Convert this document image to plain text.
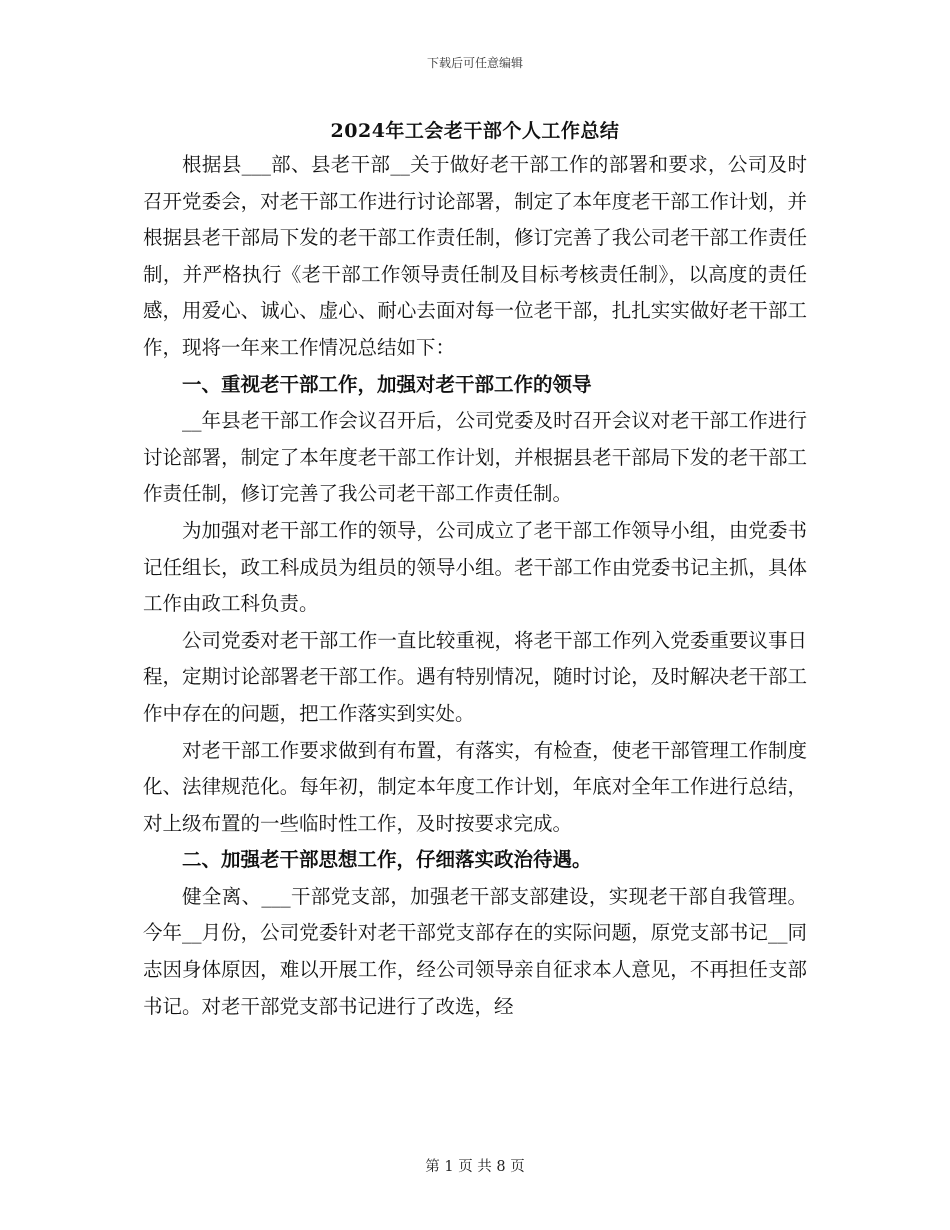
下载后可任意编辑
2024年工会老干部个人工作总结

根据县___部、县老干部__关于做好老干部工作的部署和要求，公司及时召开党委会，对老干部工作进行讨论部署，制定了本年度老干部工作计划，并根据县老干部局下发的老干部工作责任制，修订完善了我公司老干部工作责任制，并严格执行《老干部工作领导责任制及目标考核责任制》，以高度的责任感，用爱心、诚心、虚心、耐心去面对每一位老干部，扎扎实实做好老干部工作，现将一年来工作情况总结如下：

一、重视老干部工作，加强对老干部工作的领导

__年县老干部工作会议召开后，公司党委及时召开会议对老干部工作进行讨论部署，制定了本年度老干部工作计划，并根据县老干部局下发的老干部工作责任制，修订完善了我公司老干部工作责任制。

为加强对老干部工作的领导，公司成立了老干部工作领导小组，由党委书记任组长，政工科成员为组员的领导小组。老干部工作由党委书记主抓，具体工作由政工科负责。

公司党委对老干部工作一直比较重视，将老干部工作列入党委重要议事日程，定期讨论部署老干部工作。遇有特别情况，随时讨论，及时解决老干部工作中存在的问题，把工作落实到实处。

对老干部工作要求做到有布置，有落实，有检查，使老干部管理工作制度化、法律规范化。每年初，制定本年度工作计划，年底对全年工作进行总结，对上级布置的一些临时性工作，及时按要求完成。

二、加强老干部思想工作，仔细落实政治待遇。

健全离、___干部党支部，加强老干部支部建设，实现老干部自我管理。今年__月份，公司党委针对老干部党支部存在的实际问题，原党支部书记__同志因身体原因，难以开展工作，经公司领导亲自征求本人意见，不再担任支部书记。对老干部党支部书记进行了改选，经

第 1 页 共 8 页
